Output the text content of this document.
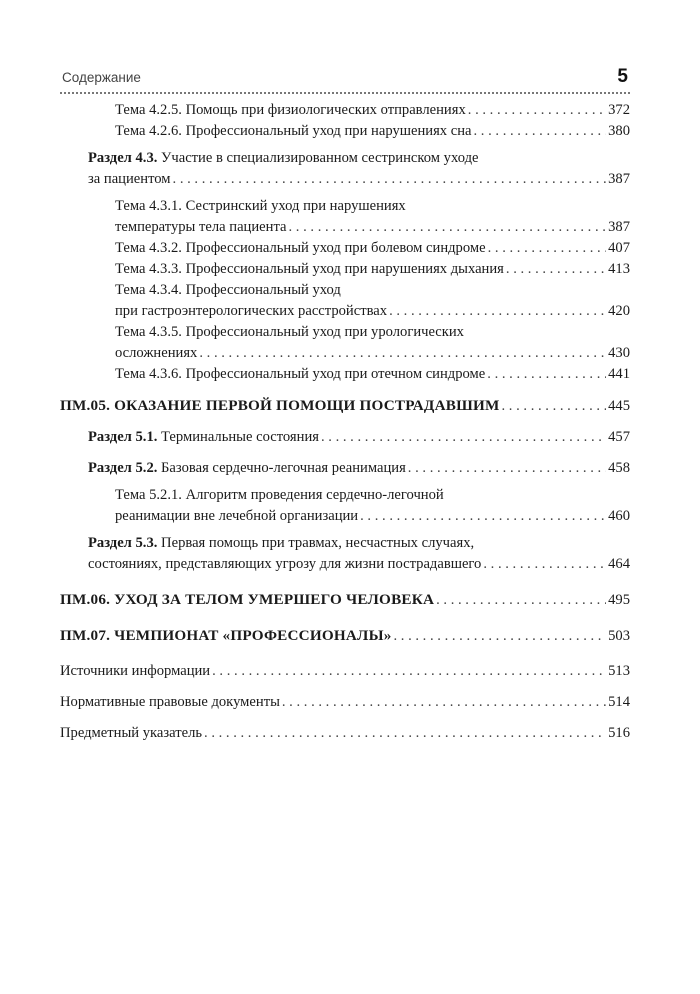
Содержание	5
Тема 4.2.5. Помощь при физиологических отправлениях . . .	372
Тема 4.2.6. Профессиональный уход при нарушениях сна . . .	380
Раздел 4.3. Участие в специализированном сестринском уходе
за пациентом . . .	387
Тема 4.3.1. Сестринский уход при нарушениях
температуры тела пациента . . .	387
Тема 4.3.2. Профессиональный уход при болевом синдроме . . .	407
Тема 4.3.3. Профессиональный уход при нарушениях дыхания . . .	413
Тема 4.3.4. Профессиональный уход
при гастроэнтерологических расстройствах . . .	420
Тема 4.3.5. Профессиональный уход при урологических
осложнениях . . .	430
Тема 4.3.6. Профессиональный уход при отечном синдроме . . .	441
ПМ.05. ОКАЗАНИЕ ПЕРВОЙ ПОМОЩИ ПОСТРАДАВШИМ . . .	445
Раздел 5.1. Терминальные состояния . . .	457
Раздел 5.2. Базовая сердечно-легочная реанимация . . .	458
Тема 5.2.1. Алгоритм проведения сердечно-легочной
реанимации вне лечебной организации . . .	460
Раздел 5.3. Первая помощь при травмах, несчастных случаях,
состояниях, представляющих угрозу для жизни пострадавшего . . .	464
ПМ.06. УХОД ЗА ТЕЛОМ УМЕРШЕГО ЧЕЛОВЕКА . . .	495
ПМ.07. ЧЕМПИОНАТ «ПРОФЕССИОНАЛЫ» . . .	503
Источники информации . . .	513
Нормативные правовые документы . . .	514
Предметный указатель . . .	516
